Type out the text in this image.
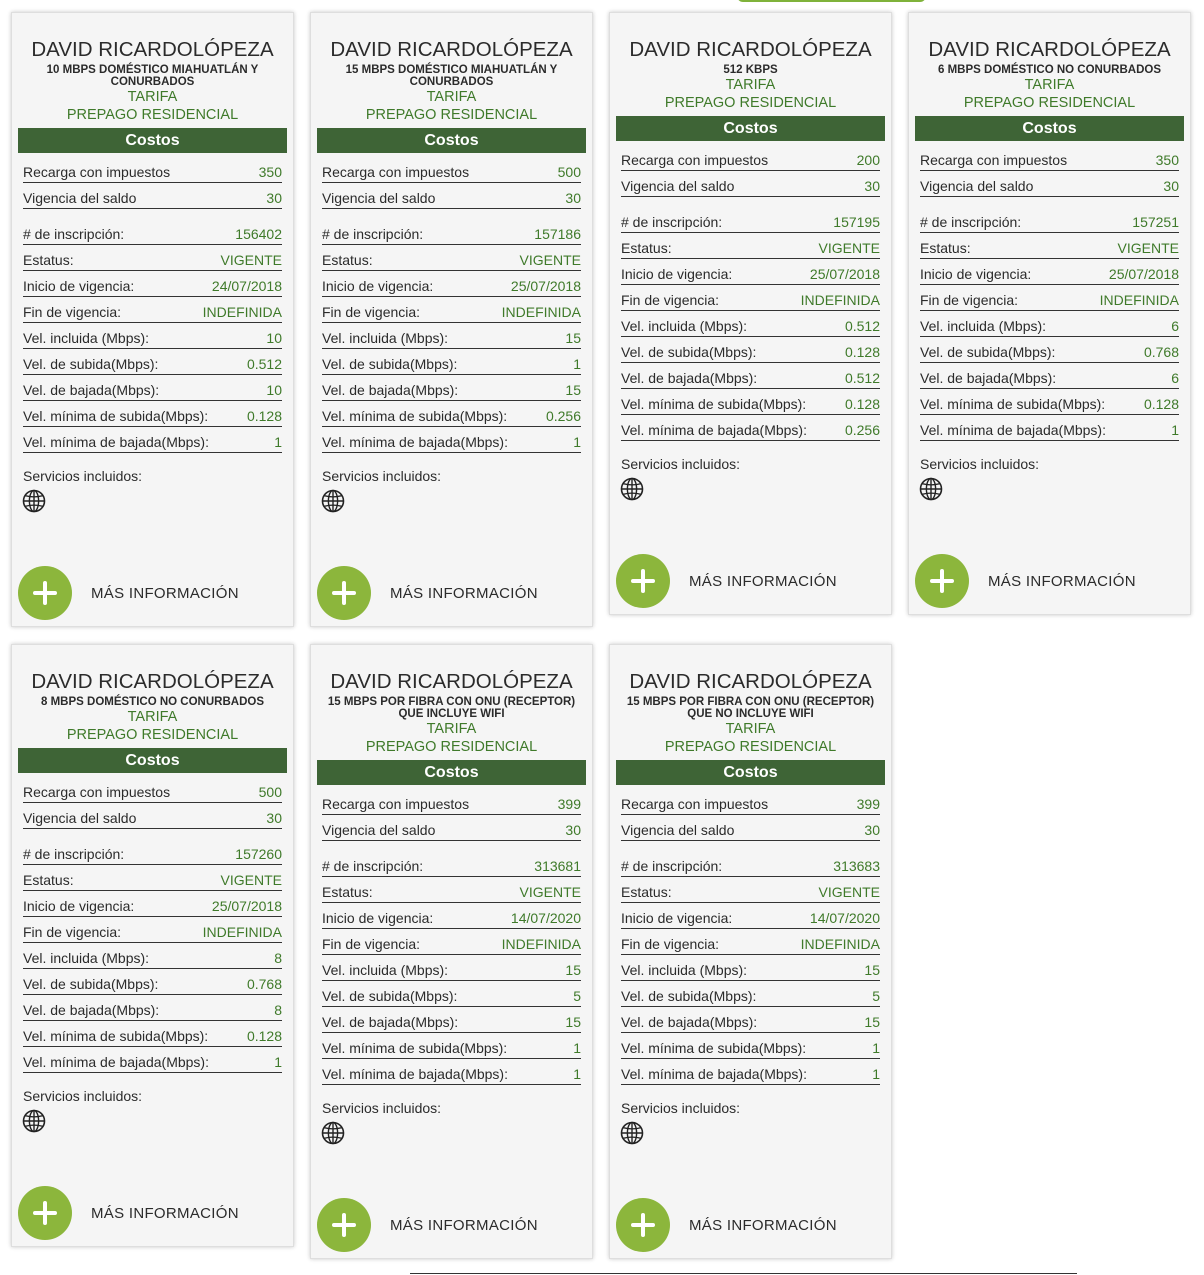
DAVID RICARDOLÓPEZA
10 MBPS DOMÉSTICO MIAHUATLÁN Y CONURBADOS
TARIFA
PREPAGO RESIDENCIAL
Costos
Recarga con impuestos	350
Vigencia del saldo	30
# de inscripción:	156402
Estatus:	VIGENTE
Inicio de vigencia:	24/07/2018
Fin de vigencia:	INDEFINIDA
Vel. incluida (Mbps):	10
Vel. de subida(Mbps):	0.512
Vel. de bajada(Mbps):	10
Vel. mínima de subida(Mbps):	0.128
Vel. mínima de bajada(Mbps):	1
Servicios incluidos:
MÁS INFORMACIÓN
DAVID RICARDOLÓPEZA
15 MBPS DOMÉSTICO MIAHUATLÁN Y CONURBADOS
TARIFA
PREPAGO RESIDENCIAL
Costos
Recarga con impuestos	500
Vigencia del saldo	30
# de inscripción:	157186
Estatus:	VIGENTE
Inicio de vigencia:	25/07/2018
Fin de vigencia:	INDEFINIDA
Vel. incluida (Mbps):	15
Vel. de subida(Mbps):	1
Vel. de bajada(Mbps):	15
Vel. mínima de subida(Mbps):	0.256
Vel. mínima de bajada(Mbps):	1
Servicios incluidos:
MÁS INFORMACIÓN
DAVID RICARDOLÓPEZA
512 KBPS
TARIFA
PREPAGO RESIDENCIAL
Costos
Recarga con impuestos	200
Vigencia del saldo	30
# de inscripción:	157195
Estatus:	VIGENTE
Inicio de vigencia:	25/07/2018
Fin de vigencia:	INDEFINIDA
Vel. incluida (Mbps):	0.512
Vel. de subida(Mbps):	0.128
Vel. de bajada(Mbps):	0.512
Vel. mínima de subida(Mbps):	0.128
Vel. mínima de bajada(Mbps):	0.256
Servicios incluidos:
MÁS INFORMACIÓN
DAVID RICARDOLÓPEZA
6 MBPS DOMÉSTICO NO CONURBADOS
TARIFA
PREPAGO RESIDENCIAL
Costos
Recarga con impuestos	350
Vigencia del saldo	30
# de inscripción:	157251
Estatus:	VIGENTE
Inicio de vigencia:	25/07/2018
Fin de vigencia:	INDEFINIDA
Vel. incluida (Mbps):	6
Vel. de subida(Mbps):	0.768
Vel. de bajada(Mbps):	6
Vel. mínima de subida(Mbps):	0.128
Vel. mínima de bajada(Mbps):	1
Servicios incluidos:
MÁS INFORMACIÓN
DAVID RICARDOLÓPEZA
8 MBPS DOMÉSTICO NO CONURBADOS
TARIFA
PREPAGO RESIDENCIAL
Costos
Recarga con impuestos	500
Vigencia del saldo	30
# de inscripción:	157260
Estatus:	VIGENTE
Inicio de vigencia:	25/07/2018
Fin de vigencia:	INDEFINIDA
Vel. incluida (Mbps):	8
Vel. de subida(Mbps):	0.768
Vel. de bajada(Mbps):	8
Vel. mínima de subida(Mbps):	0.128
Vel. mínima de bajada(Mbps):	1
Servicios incluidos:
MÁS INFORMACIÓN
DAVID RICARDOLÓPEZA
15 MBPS POR FIBRA CON ONU (RECEPTOR) QUE INCLUYE WIFI
TARIFA
PREPAGO RESIDENCIAL
Costos
Recarga con impuestos	399
Vigencia del saldo	30
# de inscripción:	313681
Estatus:	VIGENTE
Inicio de vigencia:	14/07/2020
Fin de vigencia:	INDEFINIDA
Vel. incluida (Mbps):	15
Vel. de subida(Mbps):	5
Vel. de bajada(Mbps):	15
Vel. mínima de subida(Mbps):	1
Vel. mínima de bajada(Mbps):	1
Servicios incluidos:
MÁS INFORMACIÓN
DAVID RICARDOLÓPEZA
15 MBPS POR FIBRA CON ONU (RECEPTOR) QUE NO INCLUYE WIFI
TARIFA
PREPAGO RESIDENCIAL
Costos
Recarga con impuestos	399
Vigencia del saldo	30
# de inscripción:	313683
Estatus:	VIGENTE
Inicio de vigencia:	14/07/2020
Fin de vigencia:	INDEFINIDA
Vel. incluida (Mbps):	15
Vel. de subida(Mbps):	5
Vel. de bajada(Mbps):	15
Vel. mínima de subida(Mbps):	1
Vel. mínima de bajada(Mbps):	1
Servicios incluidos:
MÁS INFORMACIÓN
